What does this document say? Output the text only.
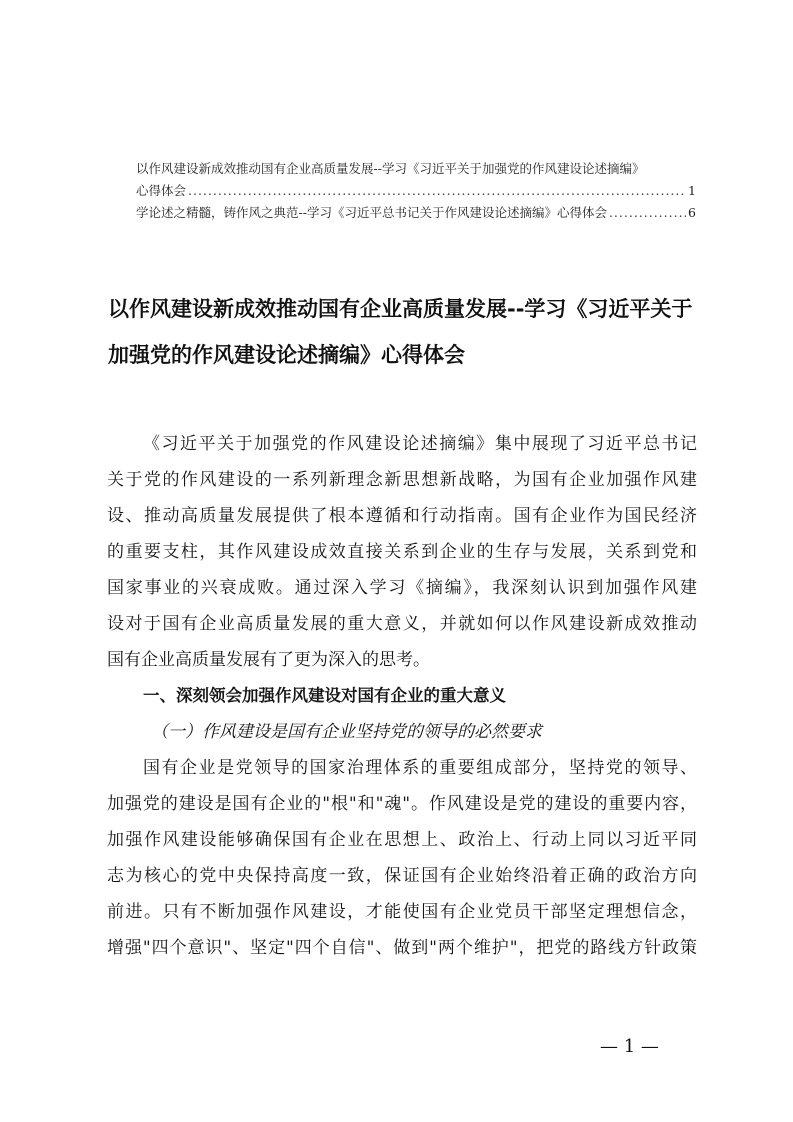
以作风建设新成效推动国有企业高质量发展--学习《习近平关于加强党的作风建设论述摘编》
心得体会 .....	1
学论述之精髓，铸作风之典范--学习《习近平总书记关于作风建设论述摘编》心得体会 .....	6
以作风建设新成效推动国有企业高质量发展--学习《习近平关于
加强党的作风建设论述摘编》心得体会
《习近平关于加强党的作风建设论述摘编》集中展现了习近平总书记
关于党的作风建设的一系列新理念新思想新战略，为国有企业加强作风建
设、推动高质量发展提供了根本遵循和行动指南。国有企业作为国民经济
的重要支柱，其作风建设成效直接关系到企业的生存与发展，关系到党和
国家事业的兴衰成败。通过深入学习《摘编》，我深刻认识到加强作风建
设对于国有企业高质量发展的重大意义，并就如何以作风建设新成效推动
国有企业高质量发展有了更为深入的思考。
一、深刻领会加强作风建设对国有企业的重大意义
（一）作风建设是国有企业坚持党的领导的必然要求
国有企业是党领导的国家治理体系的重要组成部分，坚持党的领导、
加强党的建设是国有企业的"根"和"魂"。作风建设是党的建设的重要内容，
加强作风建设能够确保国有企业在思想上、政治上、行动上同以习近平同
志为核心的党中央保持高度一致，保证国有企业始终沿着正确的政治方向
前进。只有不断加强作风建设，才能使国有企业党员干部坚定理想信念，
增强"四个意识"、坚定"四个自信"、做到"两个维护"，把党的路线方针政策
— 1 —
